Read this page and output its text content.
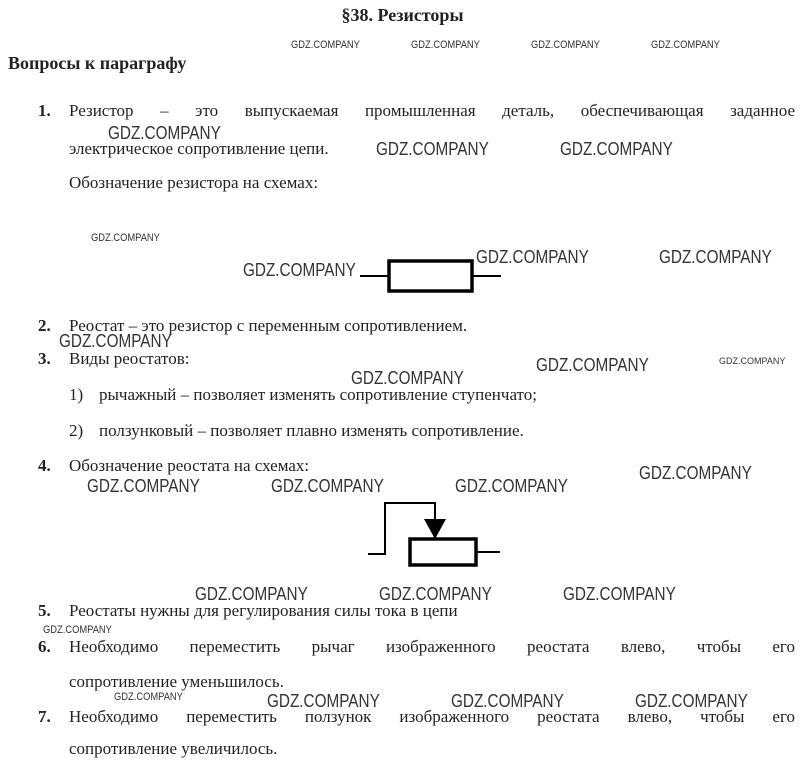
§38. Резисторы
Вопросы к параграфу
1. Резистор – это выпускаемая промышленная деталь, обеспечивающая заданное
электрическое сопротивление цепи.
Обозначение резистора на схемах:
2. Реостат – это резистор с переменным сопротивлением.
3. Виды реостатов:
1) рычажный – позволяет изменять сопротивление ступенчато;
2) ползунковый – позволяет плавно изменять сопротивление.
4. Обозначение реостата на схемах:
5. Реостаты нужны для регулирования силы тока в цепи
6. Необходимо переместить рычаг изображенного реостата влево, чтобы его
сопротивление уменьшилось.
7. Необходимо переместить ползунок изображенного реостата влево, чтобы его
сопротивление увеличилось.
GDZ.COMPANY	GDZ.COMPANY	GDZ.COMPANY	GDZ.COMPANY
GDZ.COMPANY
GDZ.COMPANY	GDZ.COMPANY
GDZ.COMPANY
GDZ.COMPANY	GDZ.COMPANY
GDZ.COMPANY
GDZ.COMPANY
GDZ.COMPANY	GDZ.COMPANY
GDZ.COMPANY
GDZ.COMPANY
GDZ.COMPANY	GDZ.COMPANY	GDZ.COMPANY
GDZ.COMPANY	GDZ.COMPANY	GDZ.COMPANY
GDZ.COMPANY
GDZ.COMPANY	GDZ.COMPANY	GDZ.COMPANY	GDZ.COMPANY
